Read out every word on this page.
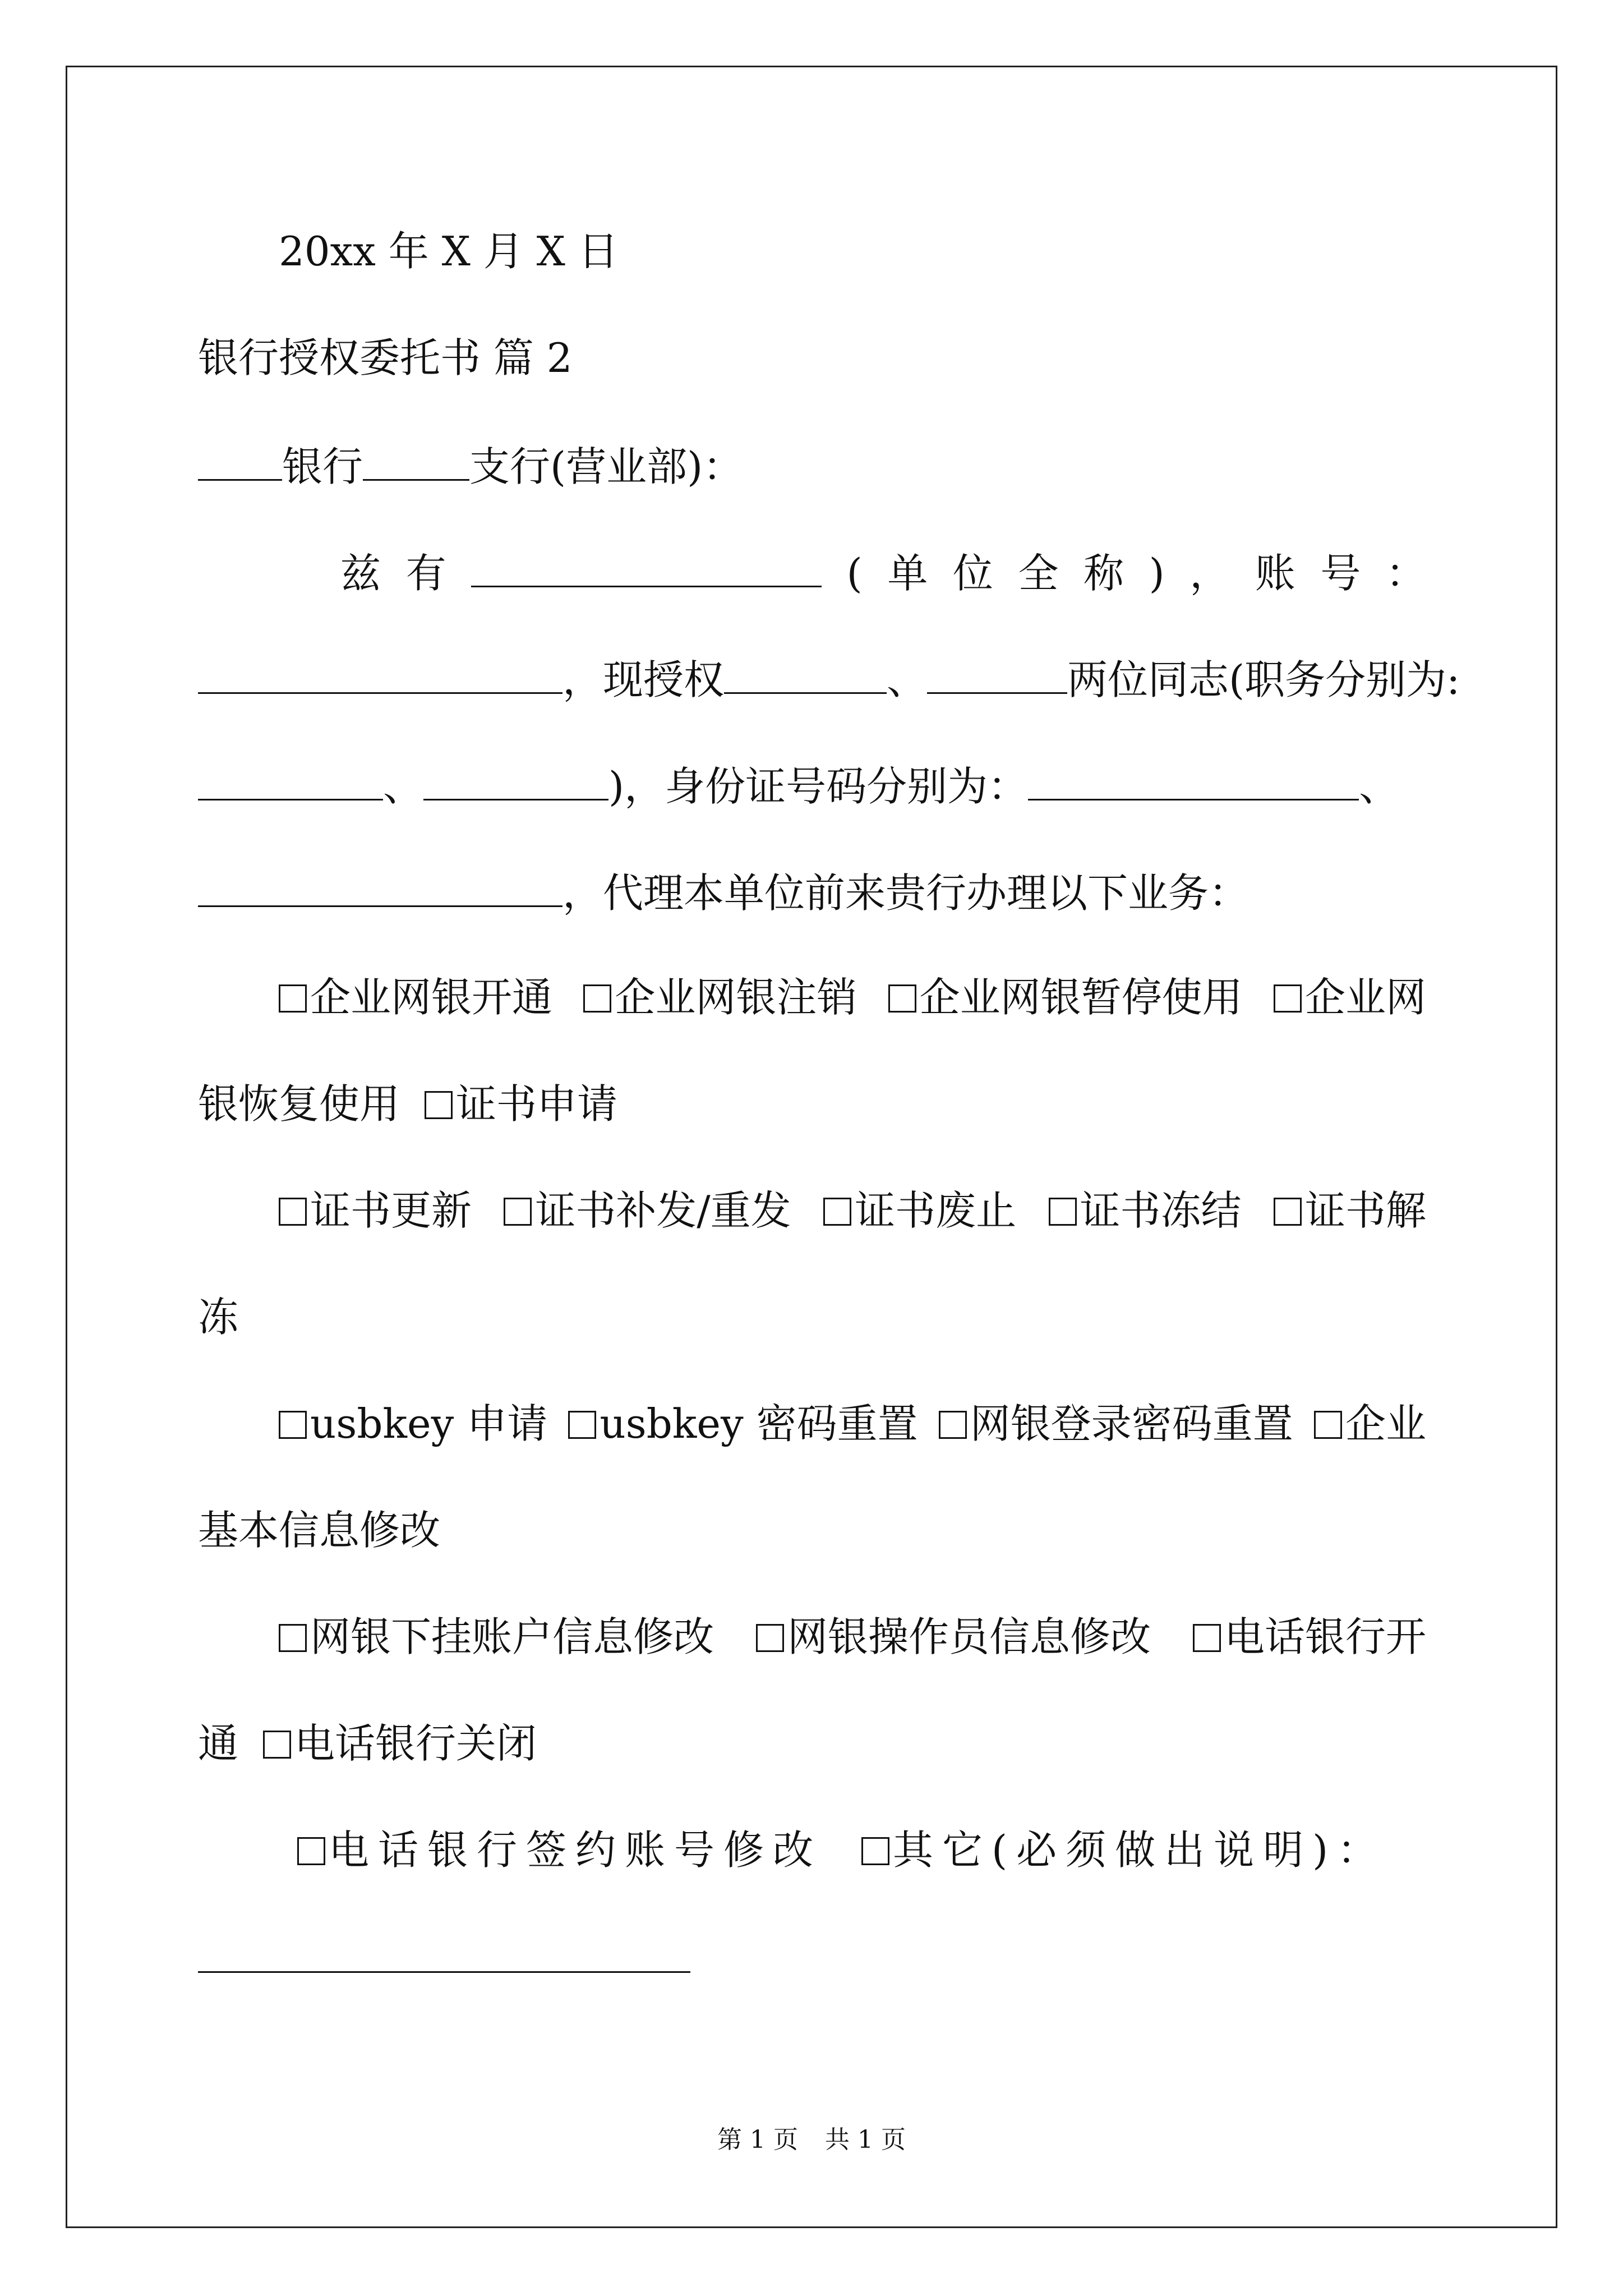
20xx 年 X 月 X 日
银行授权委托书 篇 2
银行	支行(营业部)：
兹 有	( 单 位 全 称 ) ， 账 号 ：
，现授权	、	两位同志(职务分别为:
、	)，身份证号码分别为：	、
，代理本单位前来贵行办理以下业务：
企业网银开通	企业网银注销	企业网银暂停使用	企业网
银恢复使用 证书申请
证书更新	证书补发/重发	证书废止	证书冻结	证书解
冻
usbkey 申请	usbkey 密码重置	网银登录密码重置	企业
基本信息修改
网银下挂账户信息修改	网银操作员信息修改	电话银行开
通 电话银行关闭
电话银行签约账号修改 其它(必须做出说明)：
第 1 页 共 1 页
